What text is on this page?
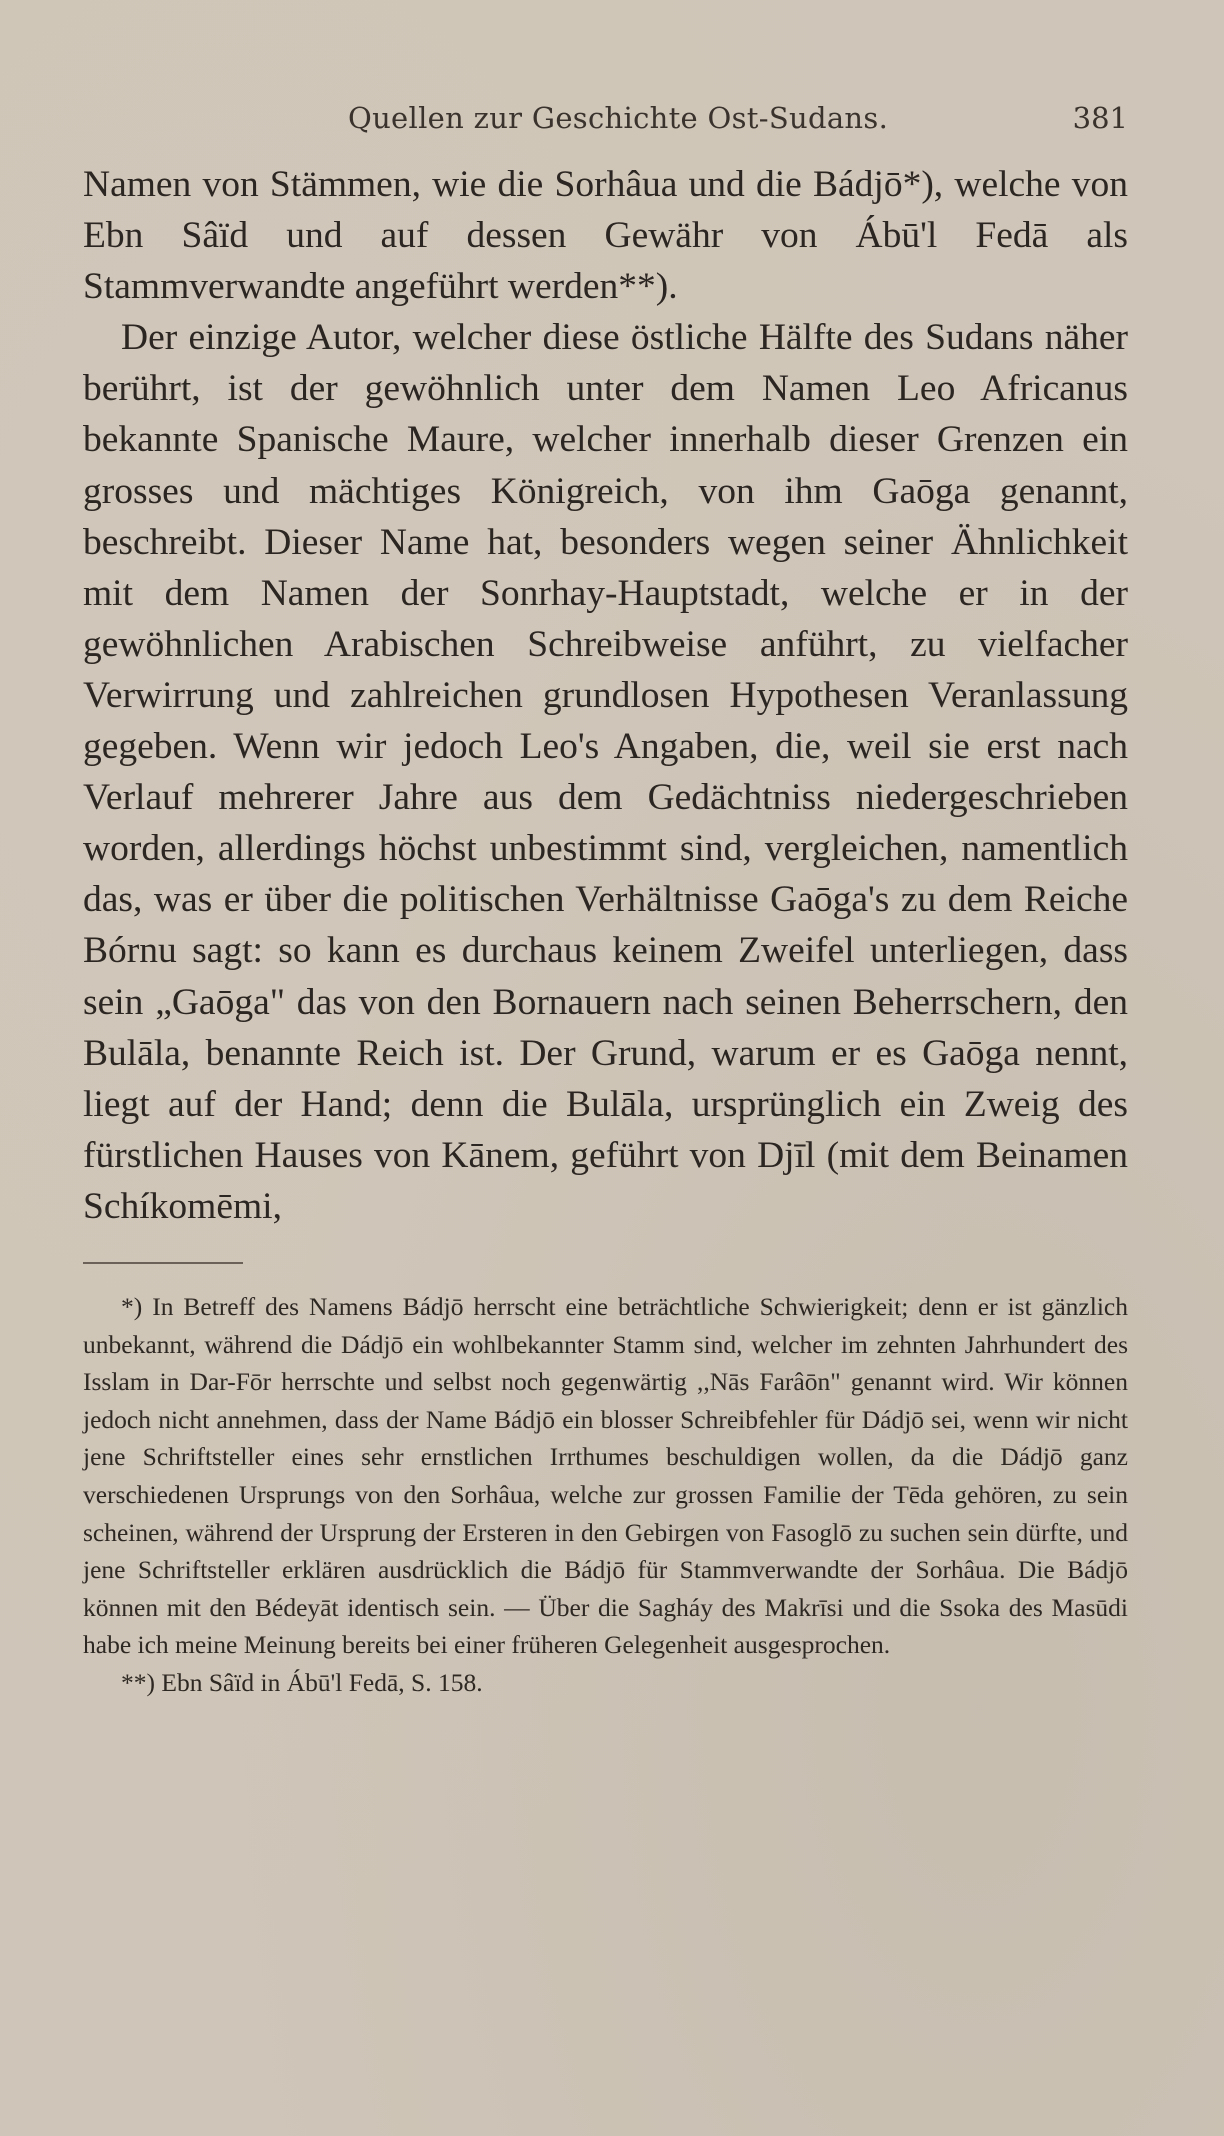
Quellen zur Geschichte Ost-Sudans.	381

Namen von Stämmen, wie die Sorhâua und die Bádjō*), welche von Ebn Sâïd und auf dessen Gewähr von Ábū'l Fedā als Stammverwandte angeführt werden**).

Der einzige Autor, welcher diese östliche Hälfte des Sudans näher berührt, ist der gewöhnlich unter dem Namen Leo Africanus bekannte Spanische Maure, welcher innerhalb dieser Grenzen ein grosses und mächtiges Königreich, von ihm Gaōga genannt, beschreibt. Dieser Name hat, besonders wegen seiner Ähnlichkeit mit dem Namen der Sonrhay-Hauptstadt, welche er in der gewöhnlichen Arabischen Schreibweise anführt, zu vielfacher Verwirrung und zahlreichen grundlosen Hypothesen Veranlassung gegeben. Wenn wir jedoch Leo's Angaben, die, weil sie erst nach Verlauf mehrerer Jahre aus dem Gedächtniss niedergeschrieben worden, allerdings höchst unbestimmt sind, vergleichen, namentlich das, was er über die politischen Verhältnisse Gaōga's zu dem Reiche Bórnu sagt: so kann es durchaus keinem Zweifel unterliegen, dass sein „Gaōga" das von den Bornauern nach seinen Beherrschern, den Bulāla, benannte Reich ist. Der Grund, warum er es Gaōga nennt, liegt auf der Hand; denn die Bulāla, ursprünglich ein Zweig des fürstlichen Hauses von Kānem, geführt von Djīl (mit dem Beinamen Schíkomēmi,

*) In Betreff des Namens Bádjō herrscht eine beträchtliche Schwierigkeit; denn er ist gänzlich unbekannt, während die Dádjō ein wohlbekannter Stamm sind, welcher im zehnten Jahrhundert des Isslam in Dar-Fōr herrschte und selbst noch gegenwärtig ,,Nās Farâōn" genannt wird. Wir können jedoch nicht annehmen, dass der Name Bádjō ein blosser Schreibfehler für Dádjō sei, wenn wir nicht jene Schriftsteller eines sehr ernstlichen Irrthumes beschuldigen wollen, da die Dádjō ganz verschiedenen Ursprungs von den Sorhâua, welche zur grossen Familie der Tēda gehören, zu sein scheinen, während der Ursprung der Ersteren in den Gebirgen von Fasoglō zu suchen sein dürfte, und jene Schriftsteller erklären ausdrücklich die Bádjō für Stammverwandte der Sorhâua. Die Bádjō können mit den Bédeyāt identisch sein. — Über die Sagháy des Makrīsi und die Ssoka des Masūdi habe ich meine Meinung bereits bei einer früheren Gelegenheit ausgesprochen.

**) Ebn Sâïd in Ábū'l Fedā, S. 158.
